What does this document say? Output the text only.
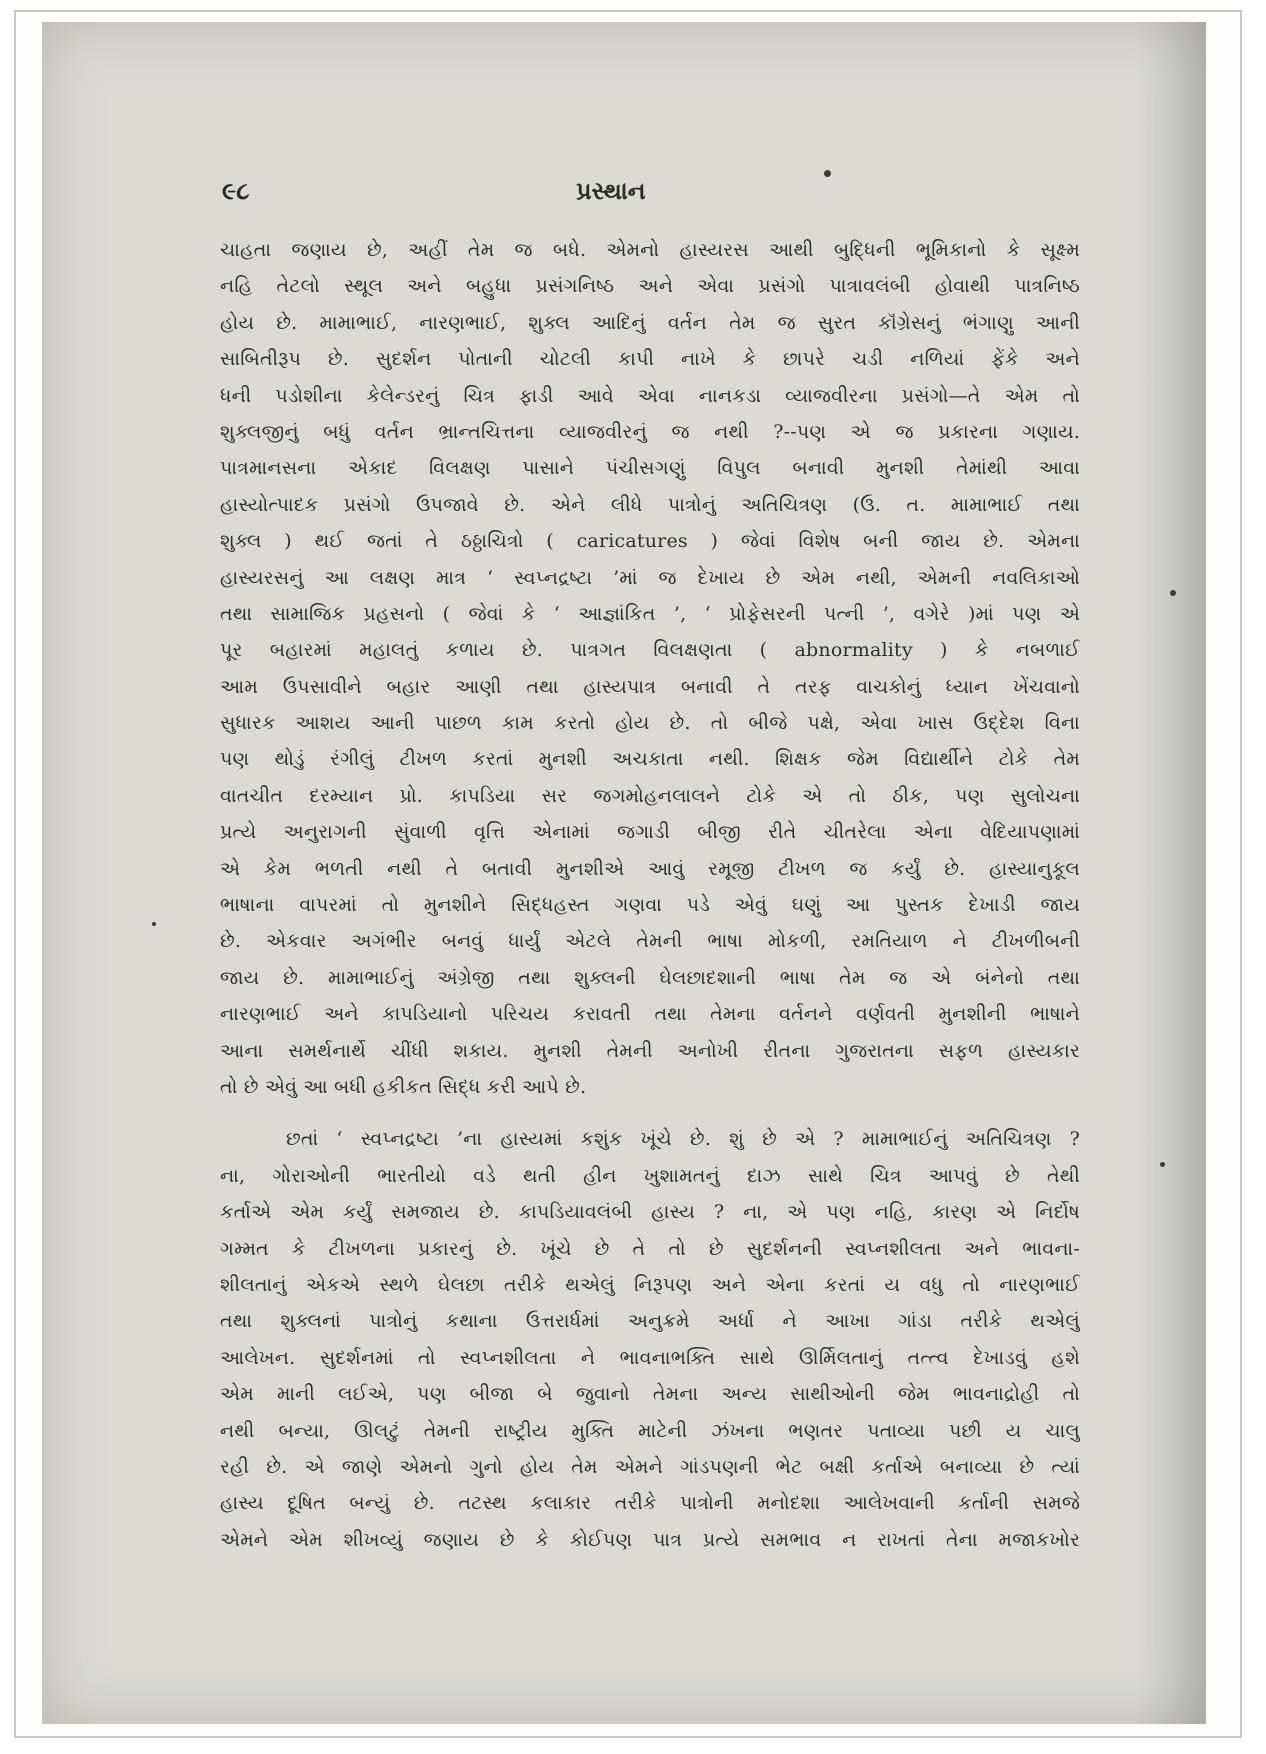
૯૮	પ્રસ્થાન
ચાહતા જણાય છે, અહીં તેમ જ બધે. એમનો હાસ્યરસ આથી બુદ્ધિની ભૂમિકાનો કે સૂક્ષ્મ
નહિ તેટલો સ્થૂલ અને બહુધા પ્રસંગનિષ્ઠ અને એવા પ્રસંગો પાત્રાવલંબી હોવાથી પાત્રનિષ્ઠ
હોય છે. મામાભાઈ, નારણભાઈ, શુક્લ આદિનું વર્તન તેમ જ સુરત કૉંગ્રેસનું ભંગાણુ આની
સાબિતીરૂપ છે. સુદર્શન પોતાની ચોટલી કાપી નાખે કે છાપરે ચડી નળિયાં ફેંકે અને
ધની પડોશીના કેલેન્ડરનું ચિત્ર ફાડી આવે એવા નાનકડા વ્યાજવીરના પ્રસંગો—તે એમ તો
શુક્લજીનું બધું વર્તન ભ્રાન્તચિત્તના વ્યાજવીરનું જ નથી ?--પણ એ જ પ્રકારના ગણાય.
પાત્રમાનસના એકાદ વિલક્ષણ પાસાને પંચીસગણું વિપુલ બનાવી મુનશી તેમાંથી આવા
હાસ્યોત્પાદક પ્રસંગો ઉપજાવે છે. એને લીધે પાત્રોનું અતિચિત્રણ (ઉ. ત. મામાભાઈ તથા
શુક્લ ) થઈ જતાં તે ઠઠ્ઠાચિત્રો ( caricatures ) જેવાં વિશેષ બની જાય છે. એમના
હાસ્યરસનું આ લક્ષણ માત્ર ‘ સ્વપ્નદ્રષ્ટા ’માં જ દેખાય છે એમ નથી, એમની નવલિકાઓ
તથા સામાજિક પ્રહસનો ( જેવાં કે ‘ આજ્ઞાંકિત ’, ‘ પ્રોફેસરની પત્ની ’, વગેરે )માં પણ એ
પૂર બહારમાં મહાલતું કળાય છે. પાત્રગત વિલક્ષણતા ( abnormality ) કે નબળાઈ
આમ ઉપસાવીને બહાર આણી તથા હાસ્યપાત્ર બનાવી તે તરફ વાચકોનું ધ્યાન ખેંચવાનો
સુધારક આશય આની પાછળ કામ કરતો હોય છે. તો બીજે પક્ષે, એવા ખાસ ઉદ્દેશ વિના
પણ થોડું રંગીલું ટીખળ કરતાં મુનશી અચકાતા નથી. શિક્ષક જેમ વિદ્યાર્થીને ટોકે તેમ
વાતચીત દરમ્યાન પ્રો. કાપડિયા સર જગમોહનલાલને ટોકે એ તો ઠીક, પણ સુલોચના
પ્રત્યે અનુરાગની સુંવાળી વૃત્તિ એનામાં જગાડી બીજી રીતે ચીતરેલા એના વેદિયાપણામાં
એ કેમ ભળતી નથી તે બતાવી મુનશીએ આવું રમૂજી ટીખળ જ કર્યું છે. હાસ્યાનુકૂલ
ભાષાના વાપરમાં તો મુનશીને સિદ્ધહસ્ત ગણવા પડે એવું ઘણું આ પુસ્તક દેખાડી જાય
છે. એકવાર અગંભીર બનવું ધાર્યું એટલે તેમની ભાષા મોકળી, રમતિયાળ ને ટીખળીબની
જાય છે. મામાભાઈનું અંગ્રેજી તથા શુક્લની ઘેલછાદશાની ભાષા તેમ જ એ બંનેનો તથા
નારણભાઈ અને કાપડિયાનો પરિચય કરાવતી તથા તેમના વર્તનને વર્ણવતી મુનશીની ભાષાને
આના સમર્થનાર્થે ચીંધી શકાય. મુનશી તેમની અનોખી રીતના ગુજરાતના સફળ હાસ્યકાર
તો છે એવું આ બધી હકીકત સિદ્ધ કરી આપે છે.
છતાં ‘ સ્વપ્નદ્રષ્ટા ’ના હાસ્યમાં કશુંક ખૂંચે છે. શું છે એ ? મામાભાઈનું અતિચિત્રણ ?
ના, ગોરાઓની ભારતીયો વડે થતી હીન ખુશામતનું દાઝ સાથે ચિત્ર આપવું છે તેથી
કર્તાએ એમ કર્યું સમજાય છે. કાપડિયાવલંબી હાસ્ય ? ના, એ પણ નહિ, કારણ એ નિર્દોષ
ગમ્મત કે ટીખળના પ્રકારનું છે. ખૂંચે છે તે તો છે સુદર્શનની સ્વપ્નશીલતા અને ભાવના-
શીલતાનું એકએ સ્થળે ઘેલછા તરીકે થએલું નિરૂપણ અને એના કરતાં ય વધુ તો નારણભાઈ
તથા શુક્લનાં પાત્રોનું કથાના ઉત્તરાર્ધમાં અનુક્રમે અર્ધા ને આખા ગાંડા તરીકે થએલું
આલેખન. સુદર્શનમાં તો સ્વપ્નશીલતા ને ભાવનાભક્તિ સાથે ઊર્મિલતાનું તત્ત્વ દેખાડવું હશે
એમ માની લઈએ, પણ બીજા બે જુવાનો તેમના અન્ય સાથીઓની જેમ ભાવનાદ્રોહી તો
નથી બન્યા, ઊલટું તેમની રાષ્ટ્રીય મુક્તિ માટેની ઝંખના ભણતર પતાવ્યા પછી ય ચાલુ
રહી છે. એ જાણે એમનો ગુનો હોય તેમ એમને ગાંડપણની ભેટ બક્ષી કર્તાએ બનાવ્યા છે ત્યાં
હાસ્ય દૂષિત બન્યું છે. તટસ્થ કલાકાર તરીકે પાત્રોની મનોદશા આલેખવાની કર્તાની સમજે
એમને એમ શીખવ્યું જણાય છે કે કોઈપણ પાત્ર પ્રત્યે સમભાવ ન રાખતાં તેના મજાકખોર
